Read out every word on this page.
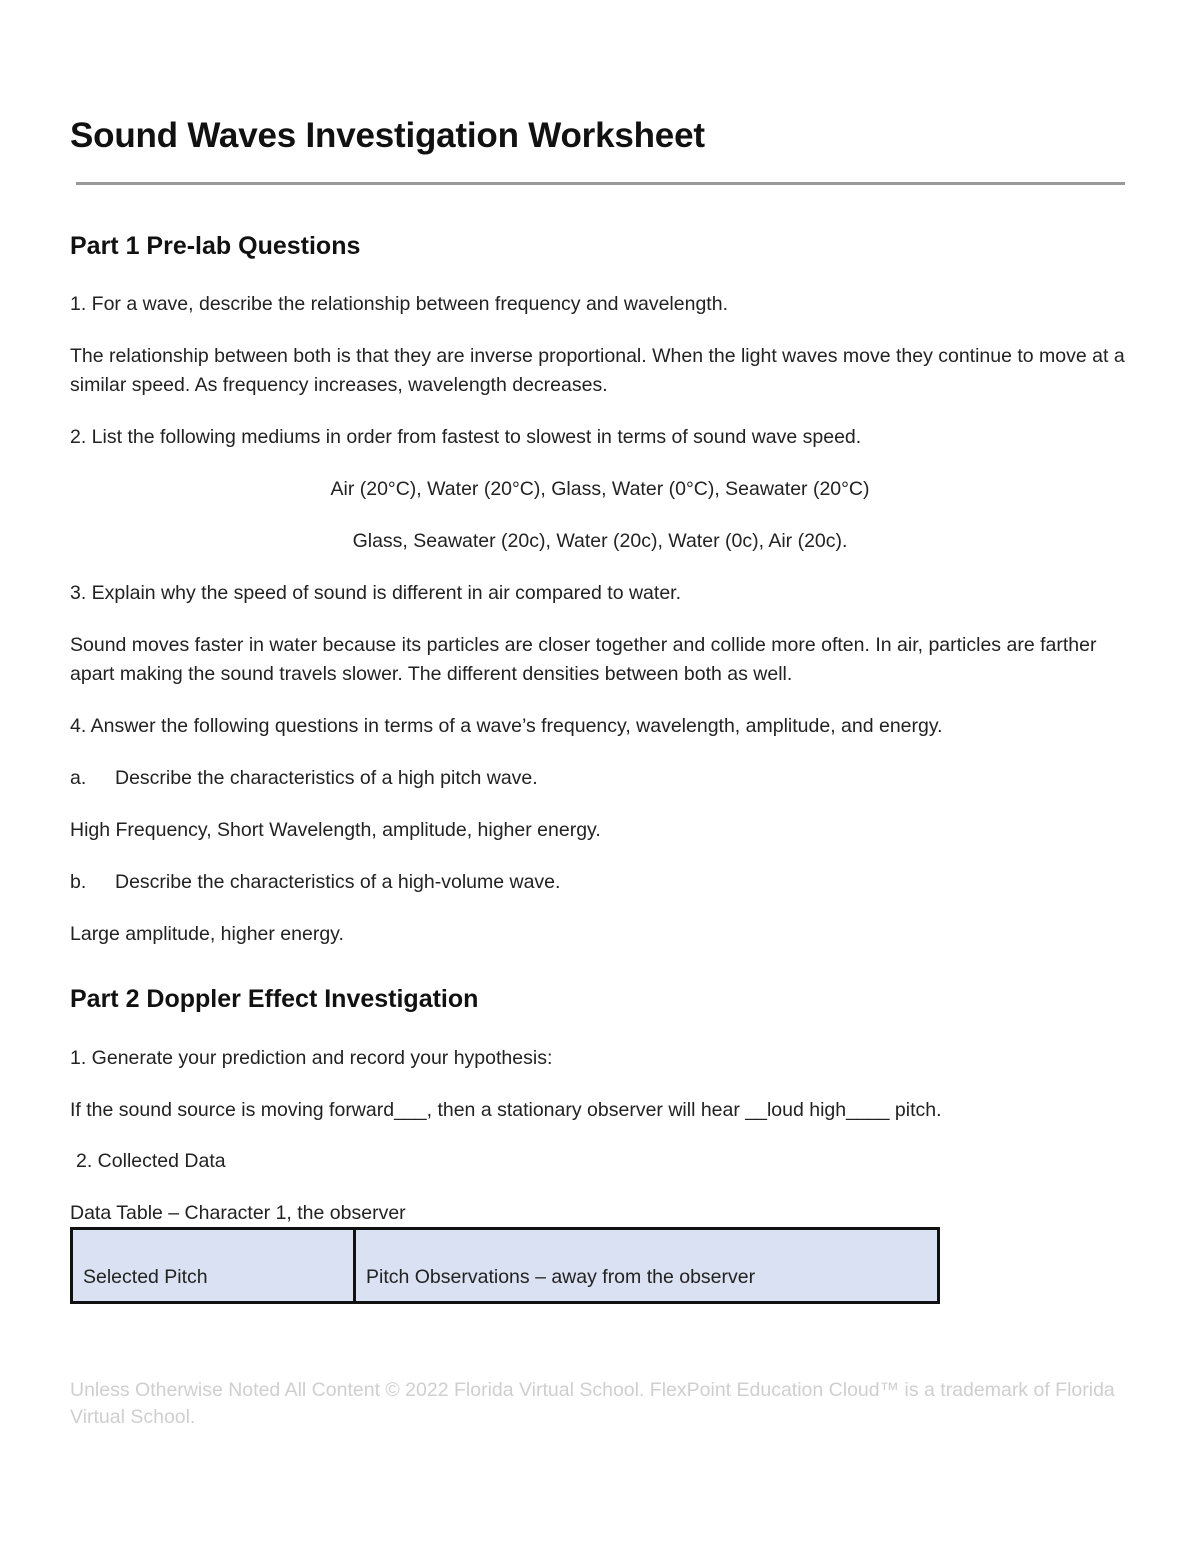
Sound Waves Investigation Worksheet
Part 1 Pre-lab Questions

1. For a wave, describe the relationship between frequency and wavelength.

The relationship between both is that they are inverse proportional. When the light waves move they continue to move at a similar speed. As frequency increases, wavelength decreases.

2. List the following mediums in order from fastest to slowest in terms of sound wave speed.

Air (20°C), Water (20°C), Glass, Water (0°C), Seawater (20°C)

Glass, Seawater (20c), Water (20c), Water (0c), Air (20c).

3. Explain why the speed of sound is different in air compared to water.

Sound moves faster in water because its particles are closer together and collide more often. In air, particles are farther apart making the sound travels slower. The different densities between both as well.

4. Answer the following questions in terms of a wave’s frequency, wavelength, amplitude, and energy.

a. Describe the characteristics of a high pitch wave.

High Frequency, Short Wavelength, amplitude, higher energy.

b. Describe the characteristics of a high-volume wave.

Large amplitude, higher energy.

Part 2 Doppler Effect Investigation

1. Generate your prediction and record your hypothesis:

If the sound source is moving forward___, then a stationary observer will hear __loud high____ pitch.

2. Collected Data

Data Table – Character 1, the observer

Selected Pitch	Pitch Observations – away from the observer

Unless Otherwise Noted All Content © 2022 Florida Virtual School. FlexPoint Education Cloud™ is a trademark of Florida Virtual School.
